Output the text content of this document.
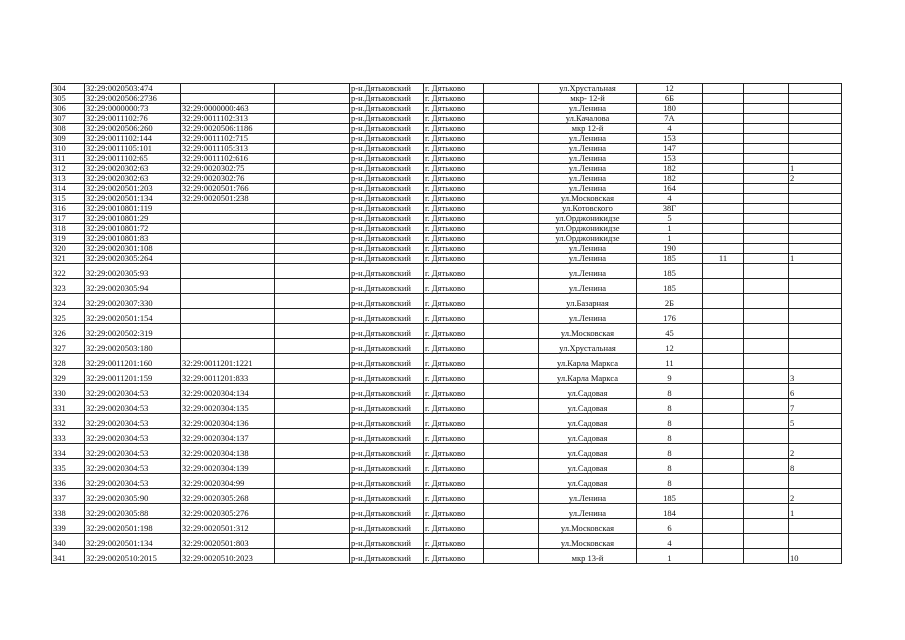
304	32:29:0020503:474			р-н.Дятьковский	г. Дятьково		ул.Хрустальная	12			
305	32:29:0020506:2736			р-н.Дятьковский	г. Дятьково		мкр- 12-й	6Б			
306	32:29:0000000:73	32:29:0000000:463		р-н.Дятьковский	г. Дятьково		ул.Ленина	180			
307	32:29:0011102:76	32:29:0011102:313		р-н.Дятьковский	г. Дятьково		ул.Качалова	7А			
308	32:29:0020506:260	32:29:0020506:1186		р-н.Дятьковский	г. Дятьково		мкр 12-й	4			
309	32:29:0011102:144	32:29:0011102:715		р-н.Дятьковский	г. Дятьково		ул.Ленина	153			
310	32:29:0011105:101	32:29:0011105:313		р-н.Дятьковский	г. Дятьково		ул.Ленина	147			
311	32:29:0011102:65	32:29:0011102:616		р-н.Дятьковский	г. Дятьково		ул.Ленина	153			
312	32:29:0020302:63	32:29:0020302:75		р-н.Дятьковский	г. Дятьково		ул.Ленина	182			1
313	32:29:0020302:63	32:29:0020302:76		р-н.Дятьковский	г. Дятьково		ул.Ленина	182			2
314	32:29:0020501:203	32:29:0020501:766		р-н.Дятьковский	г. Дятьково		ул.Ленина	164			
315	32:29:0020501:134	32:29:0020501:238		р-н.Дятьковский	г. Дятьково		ул.Московская	4			
316	32:29:0010801:119			р-н.Дятьковский	г. Дятьково		ул.Котовского	38Г			
317	32:29:0010801:29			р-н.Дятьковский	г. Дятьково		ул.Орджоникидзе	5			
318	32:29:0010801:72			р-н.Дятьковский	г. Дятьково		ул.Орджоникидзе	1			
319	32:29:0010801:83			р-н.Дятьковский	г. Дятьково		ул.Орджоникидзе	1			
320	32:29:0020301:108			р-н.Дятьковский	г. Дятьково		ул.Ленина	190			
321	32:29:0020305:264			р-н.Дятьковский	г. Дятьково		ул.Ленина	185	11		1
322	32:29:0020305:93			р-н.Дятьковский	г. Дятьково		ул.Ленина	185			
323	32:29:0020305:94			р-н.Дятьковский	г. Дятьково		ул.Ленина	185			
324	32:29:0020307:330			р-н.Дятьковский	г. Дятьково		ул.Базарная	2Б			
325	32:29:0020501:154			р-н.Дятьковский	г. Дятьково		ул.Ленина	176			
326	32:29:0020502:319			р-н.Дятьковский	г. Дятьково		ул.Московская	45			
327	32:29:0020503:180			р-н.Дятьковский	г. Дятьково		ул.Хрустальная	12			
328	32:29:0011201:160	32:29:0011201:1221		р-н.Дятьковский	г. Дятьково		ул.Карла Маркса	11			
329	32:29:0011201:159	32:29:0011201:833		р-н.Дятьковский	г. Дятьково		ул.Карла Маркса	9			3
330	32:29:0020304:53	32:29:0020304:134		р-н.Дятьковский	г. Дятьково		ул.Садовая	8			6
331	32:29:0020304:53	32:29:0020304:135		р-н.Дятьковский	г. Дятьково		ул.Садовая	8			7
332	32:29:0020304:53	32:29:0020304:136		р-н.Дятьковский	г. Дятьково		ул.Садовая	8			5
333	32:29:0020304:53	32:29:0020304:137		р-н.Дятьковский	г. Дятьково		ул.Садовая	8			
334	32:29:0020304:53	32:29:0020304:138		р-н.Дятьковский	г. Дятьково		ул.Садовая	8			2
335	32:29:0020304:53	32:29:0020304:139		р-н.Дятьковский	г. Дятьково		ул.Садовая	8			8
336	32:29:0020304:53	32:29:0020304:99		р-н.Дятьковский	г. Дятьково		ул.Садовая	8			
337	32:29:0020305:90	32:29:0020305:268		р-н.Дятьковский	г. Дятьково		ул.Ленина	185			2
338	32:29:0020305:88	32:29:0020305:276		р-н.Дятьковский	г. Дятьково		ул.Ленина	184			1
339	32:29:0020501:198	32:29:0020501:312		р-н.Дятьковский	г. Дятьково		ул.Московская	6			
340	32:29:0020501:134	32:29:0020501:803		р-н.Дятьковский	г. Дятьково		ул.Московская	4			
341	32:29:0020510:2015	32:29:0020510:2023		р-н.Дятьковский	г. Дятьково		мкр 13-й	1			10
